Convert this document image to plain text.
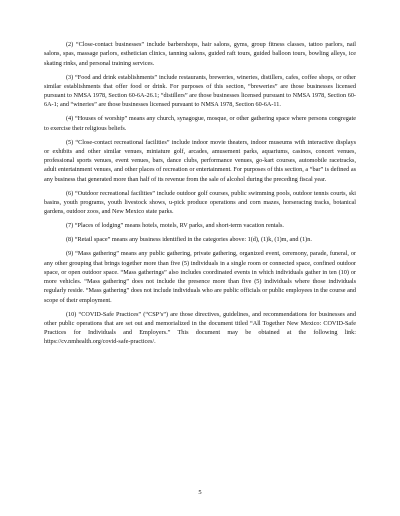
(2) “Close-contact businesses” include barbershops, hair salons, gyms, group fitness classes, tattoo parlors, nail salons, spas, massage parlors, esthetician clinics, tanning salons, guided raft tours, guided balloon tours, bowling alleys, ice skating rinks, and personal training services.

(3) “Food and drink establishments” include restaurants, breweries, wineries, distillers, cafes, coffee shops, or other similar establishments that offer food or drink. For purposes of this section, “breweries” are those businesses licensed pursuant to NMSA 1978, Section 60-6A-26.1; “distillers” are those businesses licensed pursuant to NMSA 1978, Section 60-6A-1; and “wineries” are those businesses licensed pursuant to NMSA 1978, Section 60-6A-11.

(4) “Houses of worship” means any church, synagogue, mosque, or other gathering space where persons congregate to exercise their religious beliefs.

(5) “Close-contact recreational facilities” include indoor movie theaters, indoor museums with interactive displays or exhibits and other similar venues, miniature golf, arcades, amusement parks, aquariums, casinos, concert venues, professional sports venues, event venues, bars, dance clubs, performance venues, go-kart courses, automobile racetracks, adult entertainment venues, and other places of recreation or entertainment. For purposes of this section, a “bar” is defined as any business that generated more than half of its revenue from the sale of alcohol during the preceding fiscal year.

(6) “Outdoor recreational facilities” include outdoor golf courses, public swimming pools, outdoor tennis courts, ski basins, youth programs, youth livestock shows, u-pick produce operations and corn mazes, horseracing tracks, botanical gardens, outdoor zoos, and New Mexico state parks.

(7) “Places of lodging” means hotels, motels, RV parks, and short-term vacation rentals.

(8) “Retail space” means any business identified in the categories above: 1(d), (1)k, (1)m, and (1)n.

(9) “Mass gathering” means any public gathering, private gathering, organized event, ceremony, parade, funeral, or any other grouping that brings together more than five (5) individuals in a single room or connected space, confined outdoor space, or open outdoor space. “Mass gatherings” also includes coordinated events in which individuals gather in ten (10) or more vehicles. “Mass gathering” does not include the presence more than five (5) individuals where those individuals regularly reside. “Mass gathering” does not include individuals who are public officials or public employees in the course and scope of their employment.

(10) “COVID-Safe Practices” (“CSP’s”) are those directives, guidelines, and recommendations for businesses and other public operations that are set out and memorialized in the document titled “All Together New Mexico: COVID-Safe Practices for Individuals and Employers.” This document may be obtained at the following link: https://cv.nmhealth.org/covid-safe-practices/.

5
